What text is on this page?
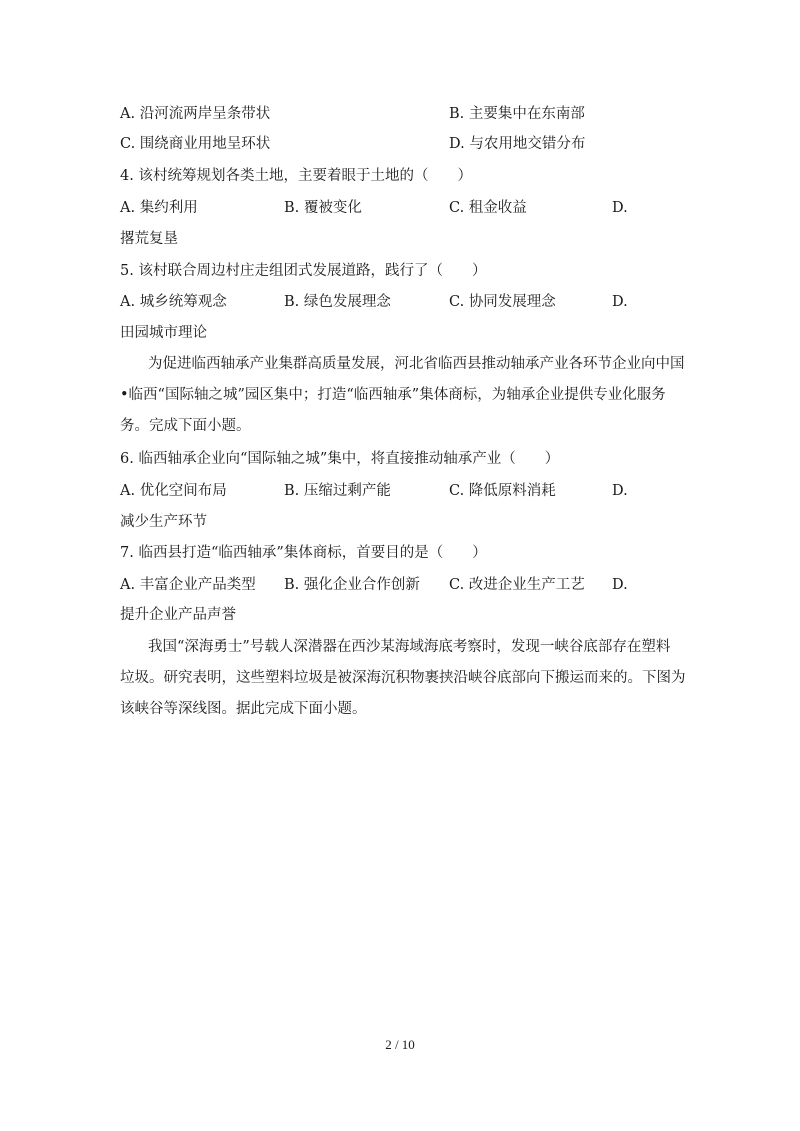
A. 沿河流两岸呈条带状	B. 主要集中在东南部
C. 围绕商业用地呈环状	D. 与农用地交错分布
4. 该村统筹规划各类土地，主要着眼于土地的（　　）
A. 集约利用	B. 覆被变化	C. 租金收益	D.
撂荒复垦
5. 该村联合周边村庄走组团式发展道路，践行了（　　）
A. 城乡统筹观念	B. 绿色发展理念	C. 协同发展理念	D.
田园城市理论
为促进临西轴承产业集群高质量发展，河北省临西县推动轴承产业各环节企业向中国
•临西“国际轴之城”园区集中；打造“临西轴承”集体商标，为轴承企业提供专业化服务
务。完成下面小题。
6. 临西轴承企业向“国际轴之城”集中，将直接推动轴承产业（　　）
A. 优化空间布局	B. 压缩过剩产能	C. 降低原料消耗	D.
减少生产环节
7. 临西县打造“临西轴承”集体商标，首要目的是（　　）
A. 丰富企业产品类型 B. 强化企业合作创新 C. 改进企业生产工艺 D.
提升企业产品声誉
我国“深海勇士”号载人深潜器在西沙某海域海底考察时，发现一峡谷底部存在塑料
垃圾。研究表明，这些塑料垃圾是被深海沉积物裹挟沿峡谷底部向下搬运而来的。下图为
该峡谷等深线图。据此完成下面小题。
2 / 10
